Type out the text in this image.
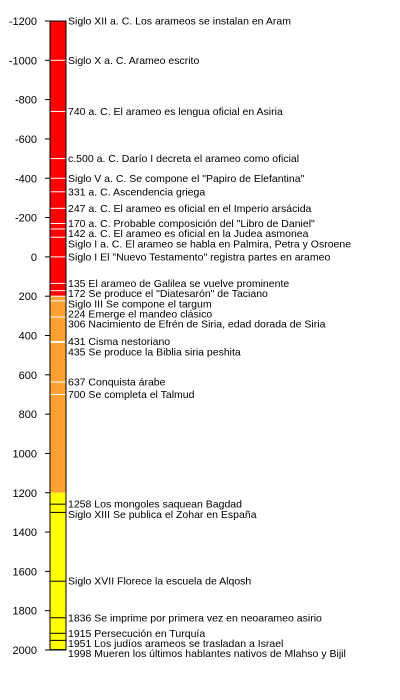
-1200
-1000
-800
-600
-400
-200
0
200
400
600
800
1000
1200
1400
1600
1800
2000
Siglo XII a. C. Los arameos se instalan en Aram
Siglo X a. C. Arameo escrito
740 a. C. El arameo es lengua oficial en Asiria
c.500 a. C. Darío I decreta el arameo como oficial
Siglo V a. C. Se compone el "Papiro de Elefantina"
331 a. C. Ascendencia griega
247 a. C. El arameo es oficial en el Imperio arsácida
170 a. C. Probable composición del "Libro de Daniel"
142 a. C. El arameo es oficial en la Judea asmonea
Siglo I a. C. El arameo se habla en Palmira, Petra y Osroene
Siglo I El "Nuevo Testamento" registra partes en arameo
135 El arameo de Galilea se vuelve prominente
172 Se produce el "Diatesarón" de Taciano
Siglo III Se compone el targum
224 Emerge el mandeo clásico
306 Nacimiento de Efrén de Siria, edad dorada de Siria
431 Cisma nestoriano
435 Se produce la Biblia siria peshita
637 Conquista árabe
700 Se completa el Talmud
1258 Los mongoles saquean Bagdad
Siglo XIII Se publica el Zohar en España
Siglo XVII Florece la escuela de Alqosh
1836 Se imprime por primera vez en neoarameo asirio
1915 Persecución en Turquía
1951 Los judíos arameos se trasladan a Israel
1998 Mueren los últimos hablantes nativos de Mlahso y Bijil
